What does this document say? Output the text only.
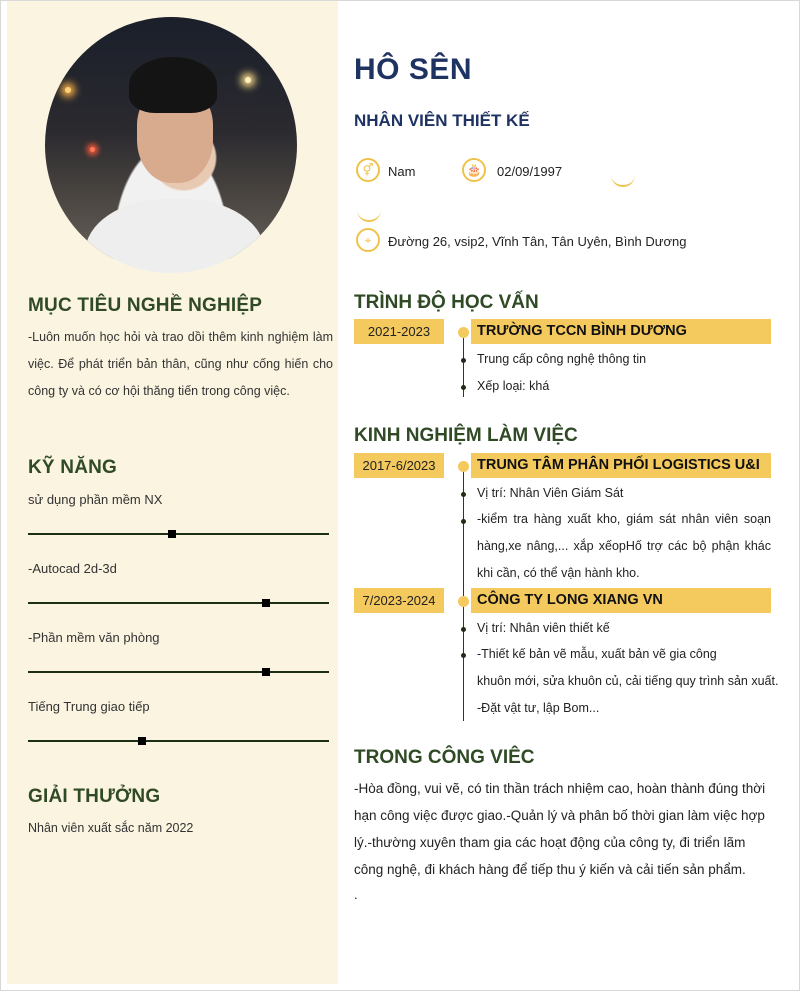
MỤC TIÊU NGHỀ NGHIỆP

-Luôn muốn học hỏi và trao dồi thêm kinh nghiệm làm việc. Để phát triển bản thân, cũng như cống hiến cho công ty và có cơ hội thăng tiến trong công việc.

KỸ NĂNG
sử dụng phần mềm NX
-Autocad 2d-3d
-Phần mềm văn phòng
Tiếng Trung giao tiếp
GIẢI THƯỞNG
Nhân viên xuất sắc năm 2022
HÔ SÊN
NHÂN VIÊN THIẾT KẾ
⚥	Nam	🎂	02/09/1997
⌖	Đường 26, vsip2, Vĩnh Tân, Tân Uyên, Bình Dương
TRÌNH ĐỘ HỌC VẤN
2021-2023	TRƯỜNG TCCN BÌNH DƯƠNG
Trung cấp công nghệ thông tin
Xếp loại: khá
KINH NGHIỆM LÀM VIỆC
2017-6/2023	TRUNG TÂM PHÂN PHỐI LOGISTICS U&I
Vị trí: Nhân Viên Giám Sát
-kiểm tra hàng xuất kho, giám sát nhân viên soạn hàng,xe nâng,... xắp xếopHố trợ các bộ phận khác khi cần, có thể vận hành kho.
7/2023-2024	CÔNG TY LONG XIANG VN
Vị trí: Nhân viên thiết kế
-Thiết kế bản vẽ mẫu, xuất bản vẽ gia công
khuôn mới, sửa khuôn củ, cải tiếng quy trình sản xuất.
-Đặt vật tư, lập Bom...
TRONG CÔNG VIÊC

-Hòa đồng, vui vẽ, có tin thần trách nhiệm cao, hoàn thành đúng thời hạn công việc được giao.-Quản lý và phân bố thời gian làm việc hợp lý.-thường xuyên tham gia các hoạt động của công ty, đi triển lãm công nghệ, đi khách hàng để tiếp thu ý kiến và cải tiến sản phẩm.

.
